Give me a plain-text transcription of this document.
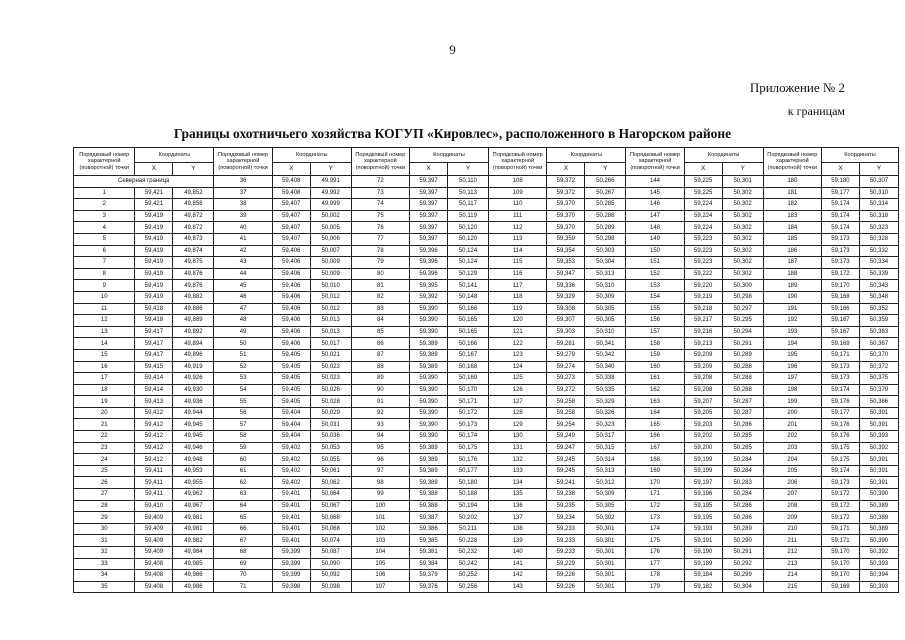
9
Приложение № 2
к границам
Границы охотничьего хозяйства КОГУП «Кировлес», расположенного в Нагорском районе
Порядковый номер характерной (поворотной) точки	Координаты		Порядковый номер характерной (поворотной) точки	Координаты		Порядковый номер характерной (поворотной) точки	Координаты		Порядковый номер характерной (поворотной) точки	Координаты		Порядковый номер характерной (поворотной) точки	Координаты		Порядковый номер характерной (поворотной) точки	Координаты	
	Х	Y		Х	Y		Х	Y		Х	Y		Х	Y		Х	Y
Северная граница			36	59,408	49,991	72	59,397	50,110	108	59,372	50,266	144	59,225	50,301	180	59,180	50,307
1	59,421	49,852	37	59,408	49,992	73	59,397	50,113	109	59,372	50,267	145	59,225	50,302	181	59,177	50,310
2	59,421	49,858	38	59,407	49,999	74	59,397	50,117	110	59,370	50,285	146	59,224	50,302	182	59,174	50,314
3	59,419	49,872	39	59,407	50,002	75	59,397	50,119	111	59,370	50,286	147	59,224	50,302	183	59,174	50,318
4	59,419	49,872	40	59,407	50,005	76	59,397	50,120	112	59,370	50,289	148	59,224	50,302	184	59,174	50,323
5	59,419	49,873	41	59,407	50,006	77	59,397	50,120	113	59,359	50,298	149	59,223	50,302	185	59,173	50,328
6	59,419	49,874	42	59,406	50,007	78	59,396	50,124	114	59,354	50,303	150	59,223	50,302	186	59,173	50,332
7	59,419	49,875	43	59,406	50,009	79	59,396	50,124	115	59,353	50,304	151	59,223	50,302	187	59,173	50,334
8	59,419	49,876	44	59,406	50,009	80	59,396	50,129	116	59,347	50,313	152	59,222	50,302	188	59,172	50,339
9	59,419	49,876	45	59,406	50,010	81	59,395	50,141	117	59,336	50,310	153	59,220	50,300	189	59,170	50,343
10	59,419	49,882	46	59,406	50,012	82	59,392	50,148	118	59,329	50,309	154	59,219	50,298	190	59,168	50,348
11	59,418	49,886	47	59,406	50,012	83	59,390	50,166	119	59,308	50,305	155	59,218	50,297	191	59,166	50,352
12	59,418	49,889	48	59,406	50,013	84	59,390	50,165	120	59,307	50,305	156	59,217	50,295	192	59,167	50,359
13	59,417	49,892	49	59,406	50,013	85	59,390	50,165	121	59,303	50,310	157	59,216	50,294	193	59,167	50,363
14	59,417	49,894	50	59,406	50,017	86	59,389	50,166	122	59,281	50,341	158	59,213	50,291	194	59,169	50,367
15	59,417	49,896	51	59,405	50,021	87	59,389	50,167	123	59,279	50,342	159	59,209	50,289	195	59,171	50,370
16	59,415	49,919	52	59,405	50,023	88	59,389	50,168	124	59,274	50,340	160	59,209	50,288	196	59,173	50,372
17	59,414	49,926	53	59,405	50,023	89	59,390	50,169	125	59,273	50,338	161	59,208	50,288	197	59,173	50,375
18	59,414	49,930	54	59,405	50,026	90	59,390	50,170	126	59,272	50,335	162	59,208	50,288	198	59,174	50,379
19	59,413	49,936	55	59,405	50,028	91	59,390	50,171	127	59,258	50,329	163	59,207	50,287	199	59,176	50,386
20	59,412	49,944	56	59,404	50,029	92	59,390	50,172	128	59,258	50,326	164	59,205	50,287	200	59,177	50,391
21	59,412	49,945	57	59,404	50,031	93	59,390	50,173	129	59,254	50,323	165	59,203	50,286	201	59,176	50,391
22	59,412	49,945	58	59,404	50,036	94	59,390	50,174	130	59,249	50,317	166	59,202	50,285	202	59,176	50,393
23	59,412	49,946	59	59,402	50,053	95	59,389	50,175	131	59,247	50,315	167	59,200	50,285	203	59,175	50,392
24	59,412	49,948	60	59,402	50,055	96	59,389	50,176	132	59,245	50,314	168	59,199	50,284	204	59,175	50,391
25	59,411	49,953	61	59,402	50,061	97	59,389	50,177	133	59,245	50,313	169	59,199	50,284	205	59,174	50,391
26	59,411	49,955	62	59,402	50,062	98	59,389	50,180	134	59,241	50,312	170	59,197	50,283	206	59,173	50,391
27	59,411	49,962	63	59,401	50,064	99	59,388	50,188	135	59,238	50,309	171	59,196	50,284	207	59,172	50,390
28	59,410	49,967	64	59,401	50,067	100	59,388	50,194	136	59,235	50,305	172	59,195	50,286	208	59,172	50,389
29	59,409	49,981	65	59,401	50,068	101	59,387	50,202	137	59,234	50,302	173	59,195	50,286	209	59,172	50,389
30	59,409	49,981	66	59,401	50,068	102	59,386	50,211	138	59,233	50,301	174	59,193	50,289	210	59,171	50,389
31	59,409	49,982	67	59,401	50,074	103	59,385	50,228	139	59,233	50,301	175	59,191	50,290	211	59,171	50,390
32	59,409	49,984	68	59,399	50,087	104	59,381	50,232	140	59,233	50,301	176	59,190	50,291	212	59,170	50,392
33	59,408	49,985	69	59,399	50,090	105	59,384	50,242	141	59,229	50,301	177	59,189	50,292	213	59,170	50,393
34	59,408	49,986	70	59,399	50,092	106	59,379	50,252	142	59,226	50,301	178	59,184	50,299	214	59,170	50,394
35	59,408	49,986	71	59,398	50,098	107	59,376	50,256	143	59,226	50,301	179	59,182	50,304	215	59,169	50,393
